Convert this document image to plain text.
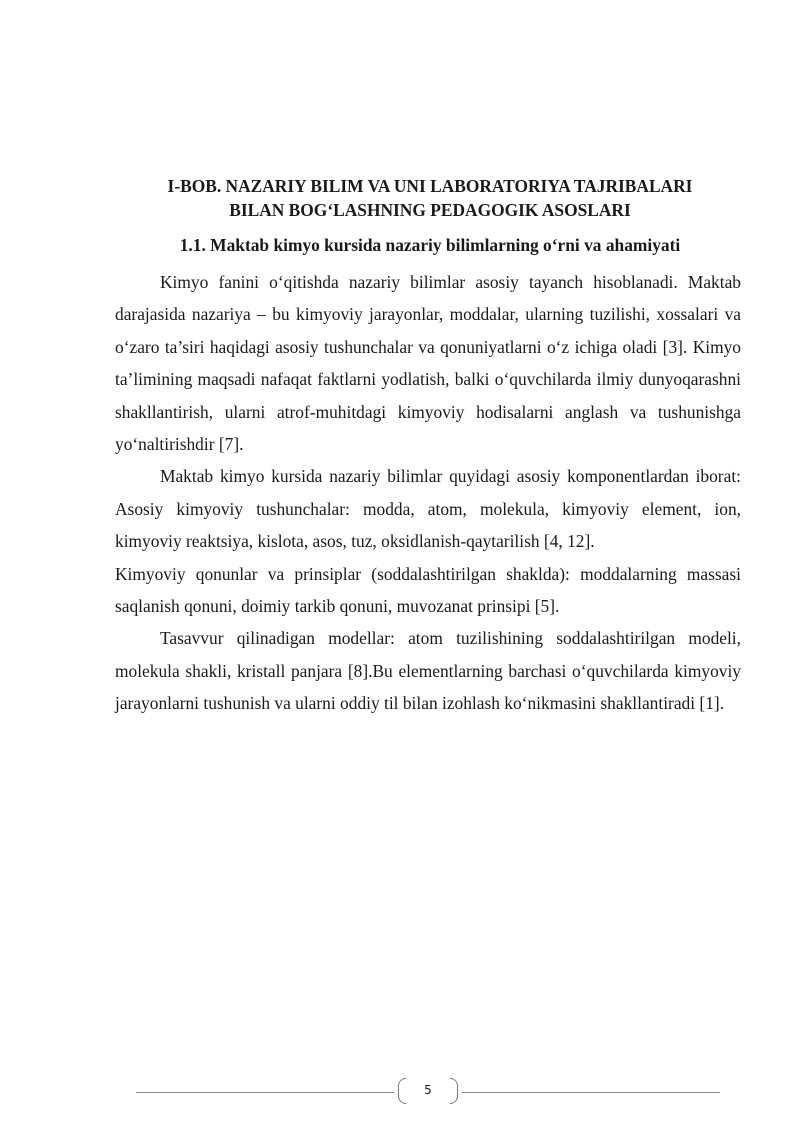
I-BOB. NAZARIY BILIM VA UNI LABORATORIYA TAJRIBALARI
BILAN BOG‘LASHNING PEDAGOGIK ASOSLARI
1.1. Maktab kimyo kursida nazariy bilimlarning o‘rni va ahamiyati

Kimyo fanini o‘qitishda nazariy bilimlar asosiy tayanch hisoblanadi. Maktab darajasida nazariya – bu kimyoviy jarayonlar, moddalar, ularning tuzilishi, xossalari va o‘zaro ta’siri haqidagi asosiy tushunchalar va qonuniyatlarni o‘z ichiga oladi [3]. Kimyo ta’limining maqsadi nafaqat faktlarni yodlatish, balki o‘quvchilarda ilmiy dunyoqarashni shakllantirish, ularni atrof-muhitdagi kimyoviy hodisalarni anglash va tushunishga yo‘naltirishdir [7].

Maktab kimyo kursida nazariy bilimlar quyidagi asosiy komponentlardan iborat: Asosiy kimyoviy tushunchalar: modda, atom, molekula, kimyoviy element, ion, kimyoviy reaktsiya, kislota, asos, tuz, oksidlanish-qaytarilish [4, 12].

Kimyoviy qonunlar va prinsiplar (soddalashtirilgan shaklda): moddalarning massasi saqlanish qonuni, doimiy tarkib qonuni, muvozanat prinsipi [5].

Tasavvur qilinadigan modellar: atom tuzilishining soddalashtirilgan modeli, molekula shakli, kristall panjara [8].Bu elementlarning barchasi o‘quvchilarda kimyoviy jarayonlarni tushunish va ularni oddiy til bilan izohlash ko‘nikmasini shakllantiradi [1].

5
